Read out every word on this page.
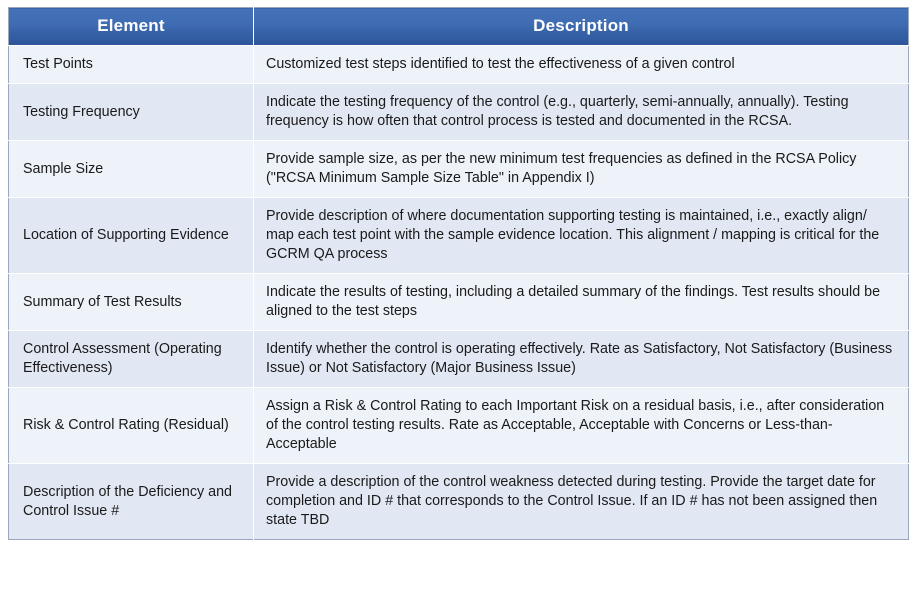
Element	Description
Test Points	Customized test steps identified to test the effectiveness of a given control
Testing Frequency	Indicate the testing frequency of the control (e.g., quarterly, semi-annually, annually). Testing frequency is how often that control process is tested and documented in the RCSA.
Sample Size	Provide sample size, as per the new minimum test frequencies as defined in the RCSA Policy ("RCSA Minimum Sample Size Table" in Appendix I)
Location of Supporting Evidence	Provide description of where documentation supporting testing is maintained, i.e., exactly align/ map each test point with the sample evidence location. This alignment / mapping is critical for the GCRM QA process
Summary of Test Results	Indicate the results of testing, including a detailed summary of the findings. Test results should be aligned to the test steps
Control Assessment (Operating Effectiveness)	Identify whether the control is operating effectively. Rate as Satisfactory, Not Satisfactory (Business Issue) or Not Satisfactory (Major Business Issue)
Risk & Control Rating (Residual)	Assign a Risk & Control Rating to each Important Risk on a residual basis, i.e., after consideration of the control testing results. Rate as Acceptable, Acceptable with Concerns or Less-than-Acceptable
Description of the Deficiency and Control Issue #	Provide a description of the control weakness detected during testing. Provide the target date for completion and ID # that corresponds to the Control Issue. If an ID # has not been assigned then state TBD
